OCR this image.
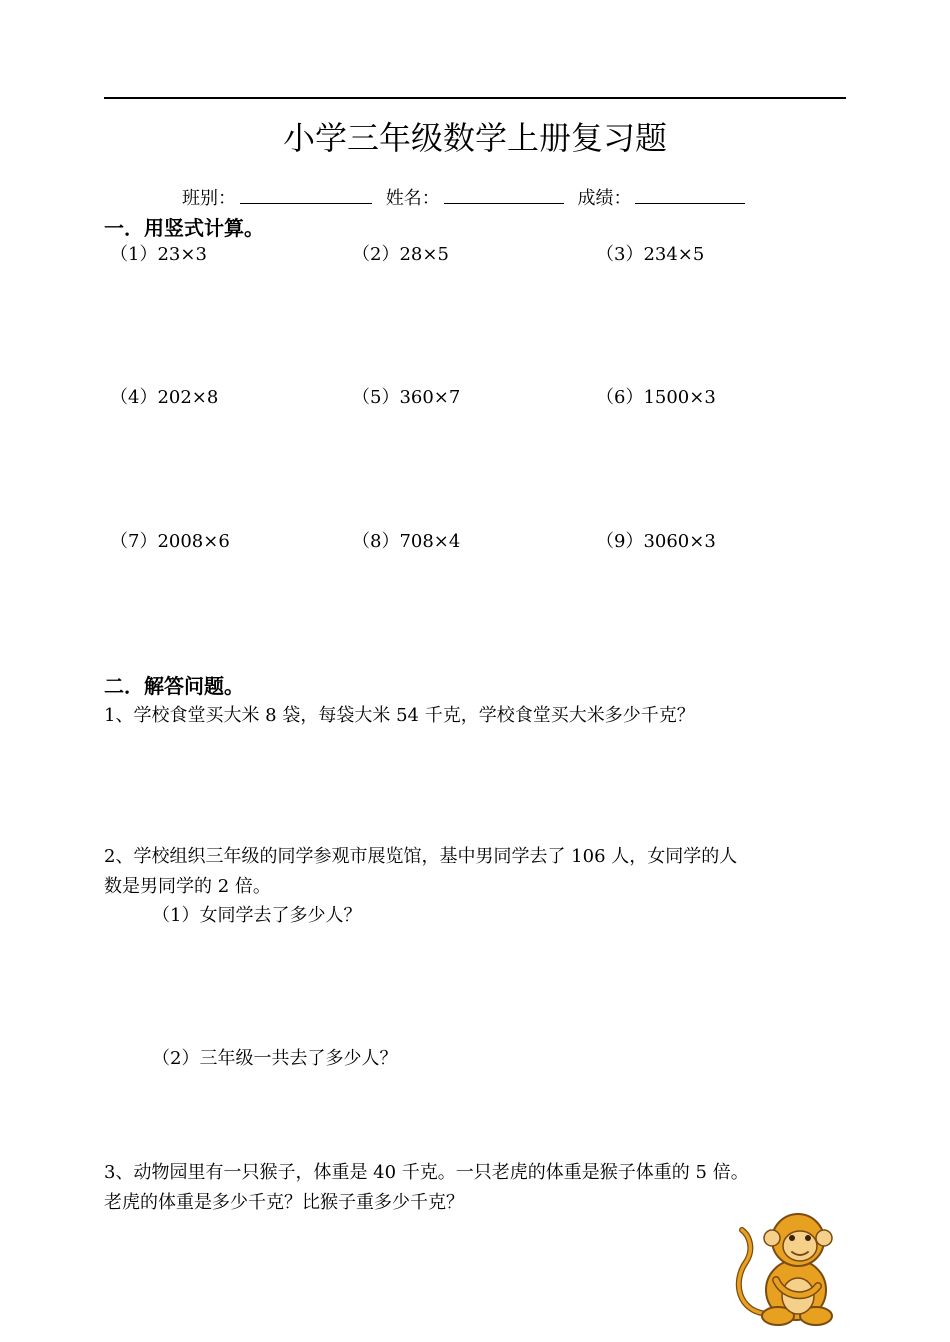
小学三年级数学上册复习题
班别：	姓名：	成绩：
一．用竖式计算。
（1）23×3	（2）28×5	（3）234×5
（4）202×8	（5）360×7	（6）1500×3
（7）2008×6	（8）708×4	（9）3060×3
二．解答问题。
1、学校食堂买大米 8 袋，每袋大米 54 千克，学校食堂买大米多少千克？
2、学校组织三年级的同学参观市展览馆，基中男同学去了 106 人，女同学的人
数是男同学的 2 倍。
（1）女同学去了多少人？
（2）三年级一共去了多少人？
3、动物园里有一只猴子，体重是 40 千克。一只老虎的体重是猴子体重的 5 倍。
老虎的体重是多少千克？比猴子重多少千克？
